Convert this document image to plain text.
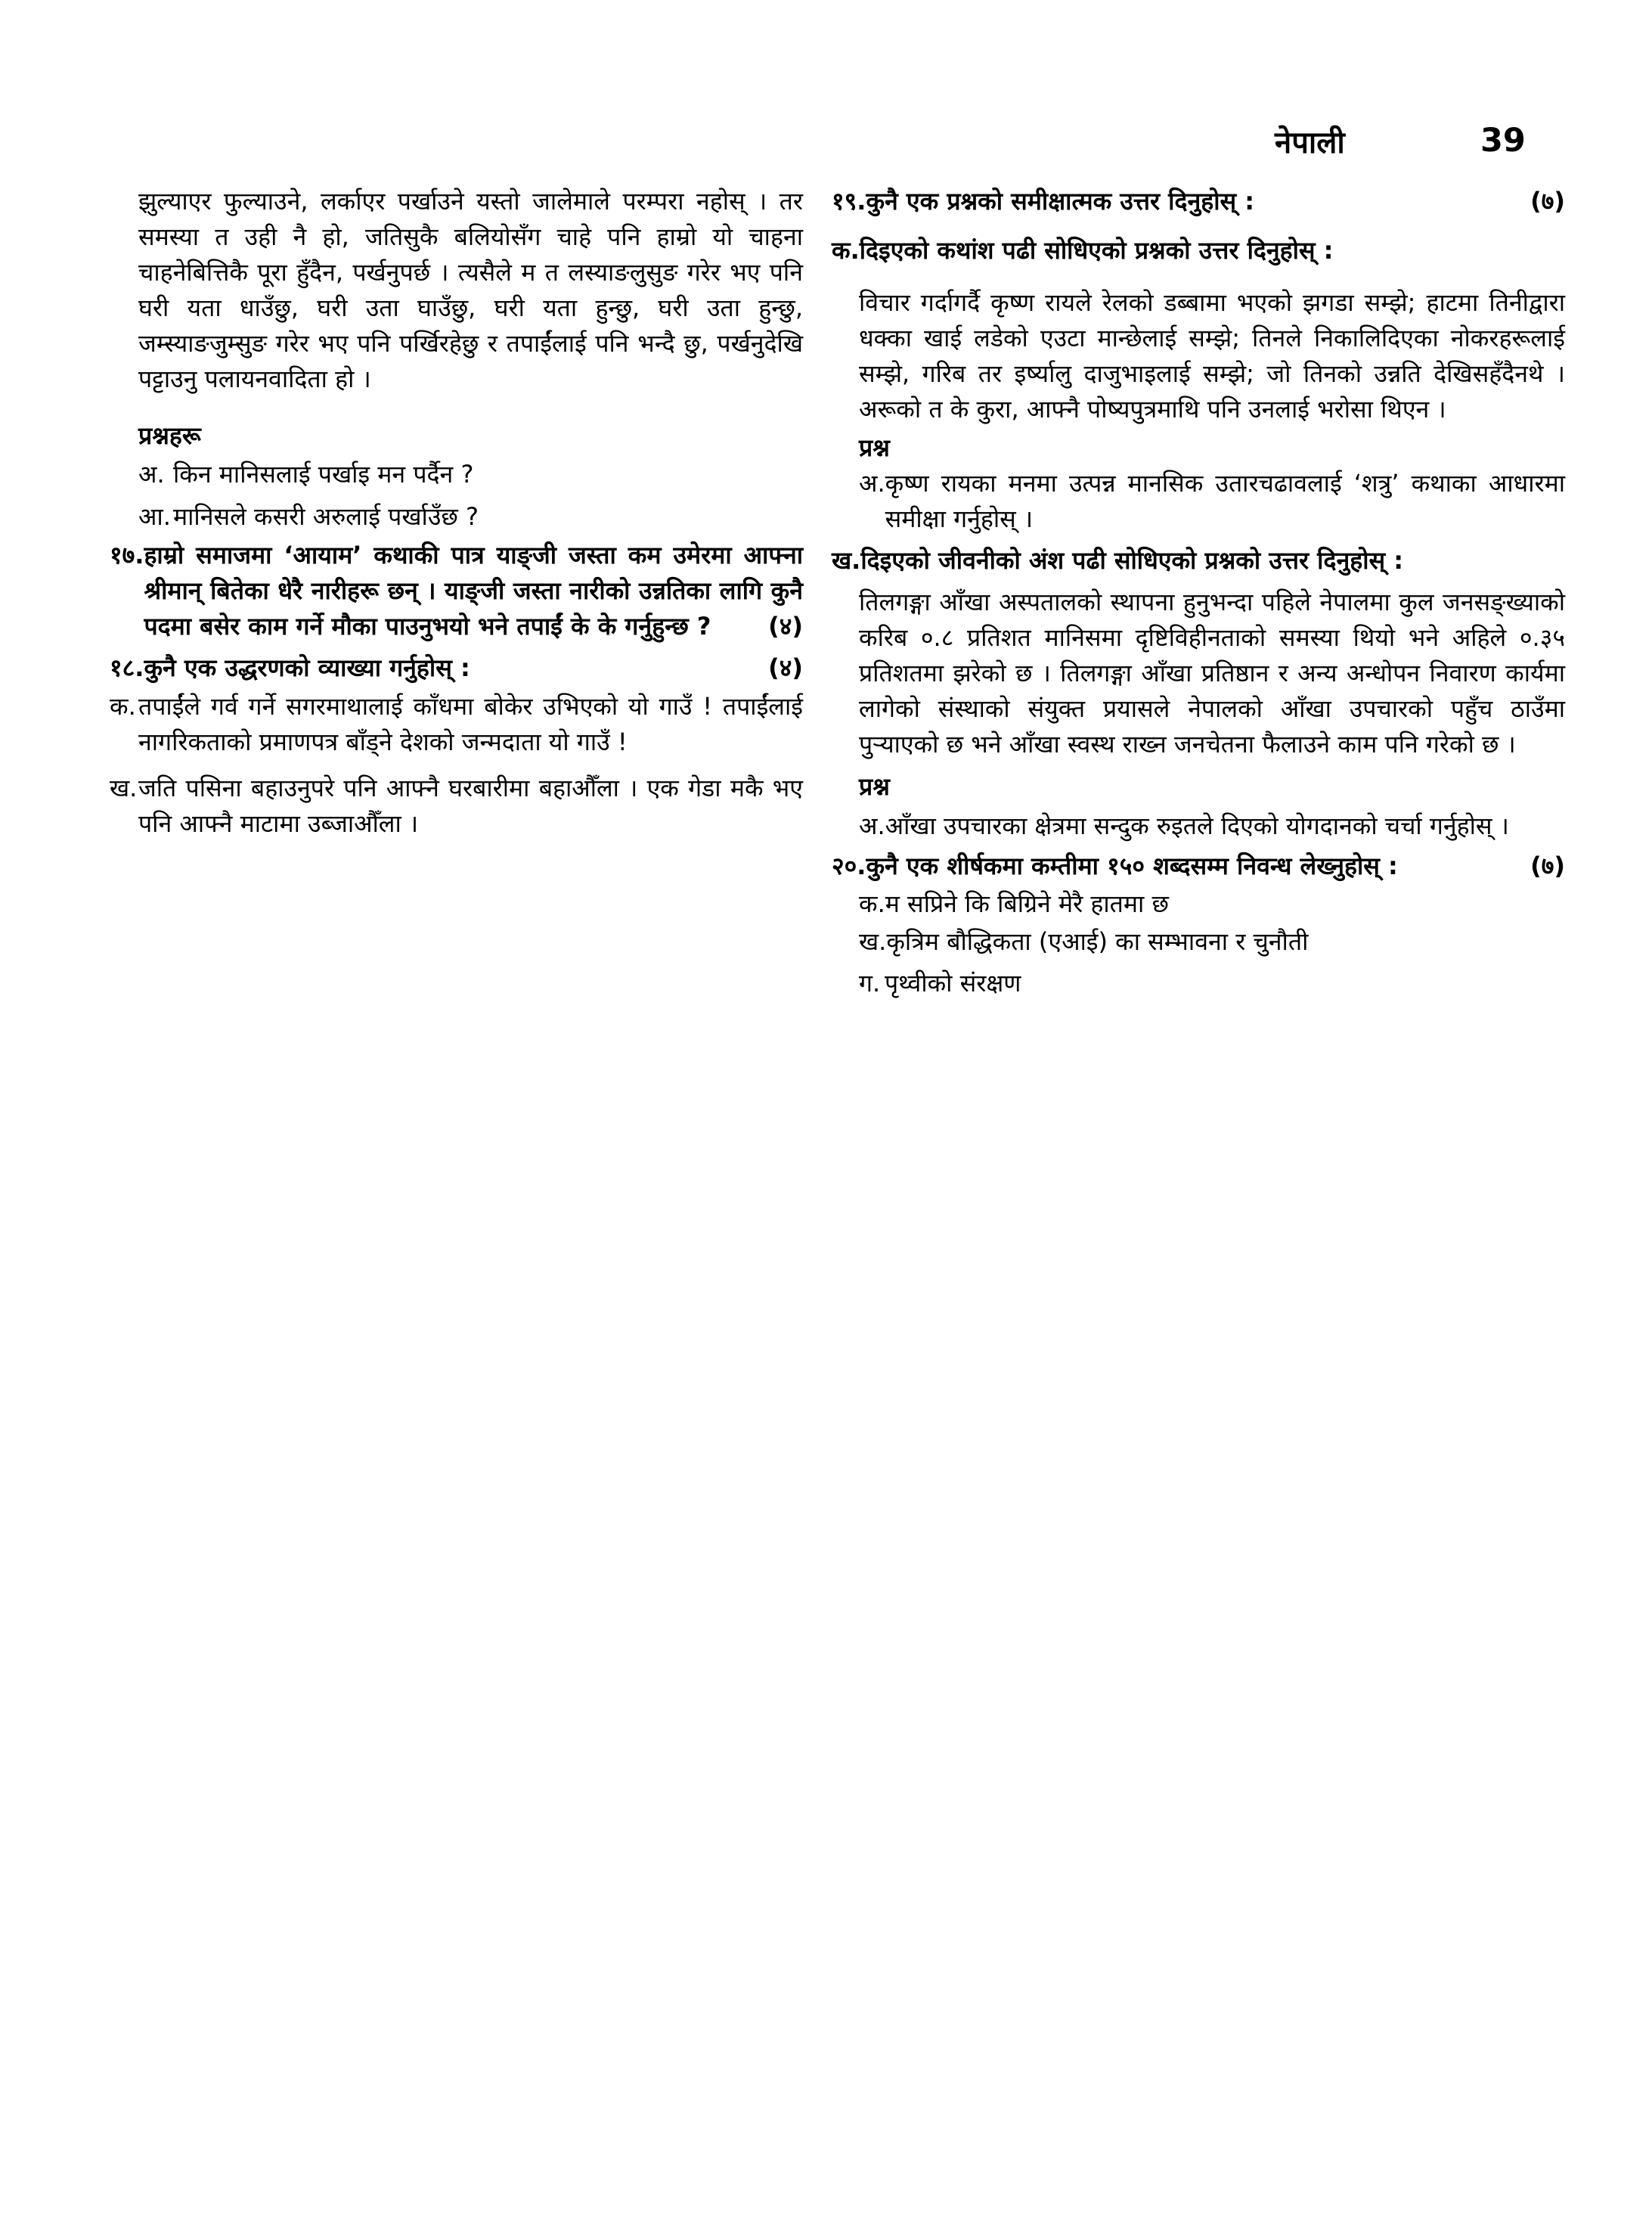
नेपाली	39

झुल्याएर फुल्याउने, लर्काएर पर्खाउने यस्तो जालेमाले परम्परा नहोस् । तर समस्या त उही नै हो, जतिसुकै बलियोसँग चाहे पनि हाम्रो यो चाहना चाहनेबित्तिकै पूरा हुँदैन, पर्खनुपर्छ । त्यसैले म त लस्याङलुसुङ गरेर भए पनि घरी यता धाउँछु, घरी उता घाउँछु, घरी यता हुन्छु, घरी उता हुन्छु, जम्स्याङजुम्सुङ गरेर भए पनि पर्खिरहेछु र तपाईंलाई पनि भन्दै छु, पर्खनुदेखि पट्टाउनु पलायनवादिता हो ।

प्रश्नहरू
अ. किन मानिसलाई पर्खाइ मन पर्दैन ?
आ. मानिसले कसरी अरुलाई पर्खाउँछ ?
१७. हाम्रो समाजमा ‘आयाम’ कथाकी पात्र याङ्जी जस्ता कम उमेरमा आफ्ना श्रीमान् बितेका धेरै नारीहरू छन् । याङ्जी जस्ता नारीको उन्नतिका लागि कुनै पदमा बसेर काम गर्ने मौका पाउनुभयो भने तपाईं के के गर्नुहुन्छ ?	(४)
१८. कुनै एक उद्धरणको व्याख्या गर्नुहोस् :	(४)
क. तपाईंले गर्व गर्ने सगरमाथालाई काँधमा बोकेर उभिएको यो गाउँ ! तपाईंलाई नागरिकताको प्रमाणपत्र बाँड्ने देशको जन्मदाता यो गाउँ !
ख. जति पसिना बहाउनुपरे पनि आफ्नै घरबारीमा बहाऔँला । एक गेडा मकै भए पनि आफ्नै माटामा उब्जाऔँला ।
१९. कुनै एक प्रश्नको समीक्षात्मक उत्तर दिनुहोस् :	(७)
क. दिइएको कथांश पढी सोधिएको प्रश्नको उत्तर दिनुहोस् :

विचार गर्दागर्दै कृष्ण रायले रेलको डब्बामा भएको झगडा सम्झे; हाटमा तिनीद्वारा धक्का खाई लडेको एउटा मान्छेलाई सम्झे; तिनले निकालिदिएका नोकरहरूलाई सम्झे, गरिब तर इर्ष्यालु दाजुभाइलाई सम्झे; जो तिनको उन्नति देखिसहँदैनथे । अरूको त के कुरा, आफ्नै पोष्यपुत्रमाथि पनि उनलाई भरोसा थिएन ।

प्रश्न
अ. कृष्ण रायका मनमा उत्पन्न मानसिक उतारचढावलाई ‘शत्रु’ कथाका आधारमा समीक्षा गर्नुहोस् ।
ख. दिइएको जीवनीको अंश पढी सोधिएको प्रश्नको उत्तर दिनुहोस् :

तिलगङ्गा आँखा अस्पतालको स्थापना हुनुभन्दा पहिले नेपालमा कुल जनसङ्ख्याको करिब ०.८ प्रतिशत मानिसमा दृष्टिविहीनताको समस्या थियो भने अहिले ०.३५ प्रतिशतमा झरेको छ । तिलगङ्गा आँखा प्रतिष्ठान र अन्य अन्धोपन निवारण कार्यमा लागेको संस्थाको संयुक्त प्रयासले नेपालको आँखा उपचारको पहुँच ठाउँमा पुऱ्याएको छ भने आँखा स्वस्थ राख्न जनचेतना फैलाउने काम पनि गरेको छ ।

प्रश्न
अ. आँखा उपचारका क्षेत्रमा सन्दुक रुइतले दिएको योगदानको चर्चा गर्नुहोस् ।
२०. कुनै एक शीर्षकमा कम्तीमा १५० शब्दसम्म निवन्ध लेख्नुहोस् :	(७)
क. म सप्रिने कि बिग्रिने मेरै हातमा छ
ख. कृत्रिम बौद्धिकता (एआई) का सम्भावना र चुनौती
ग. पृथ्वीको संरक्षण
